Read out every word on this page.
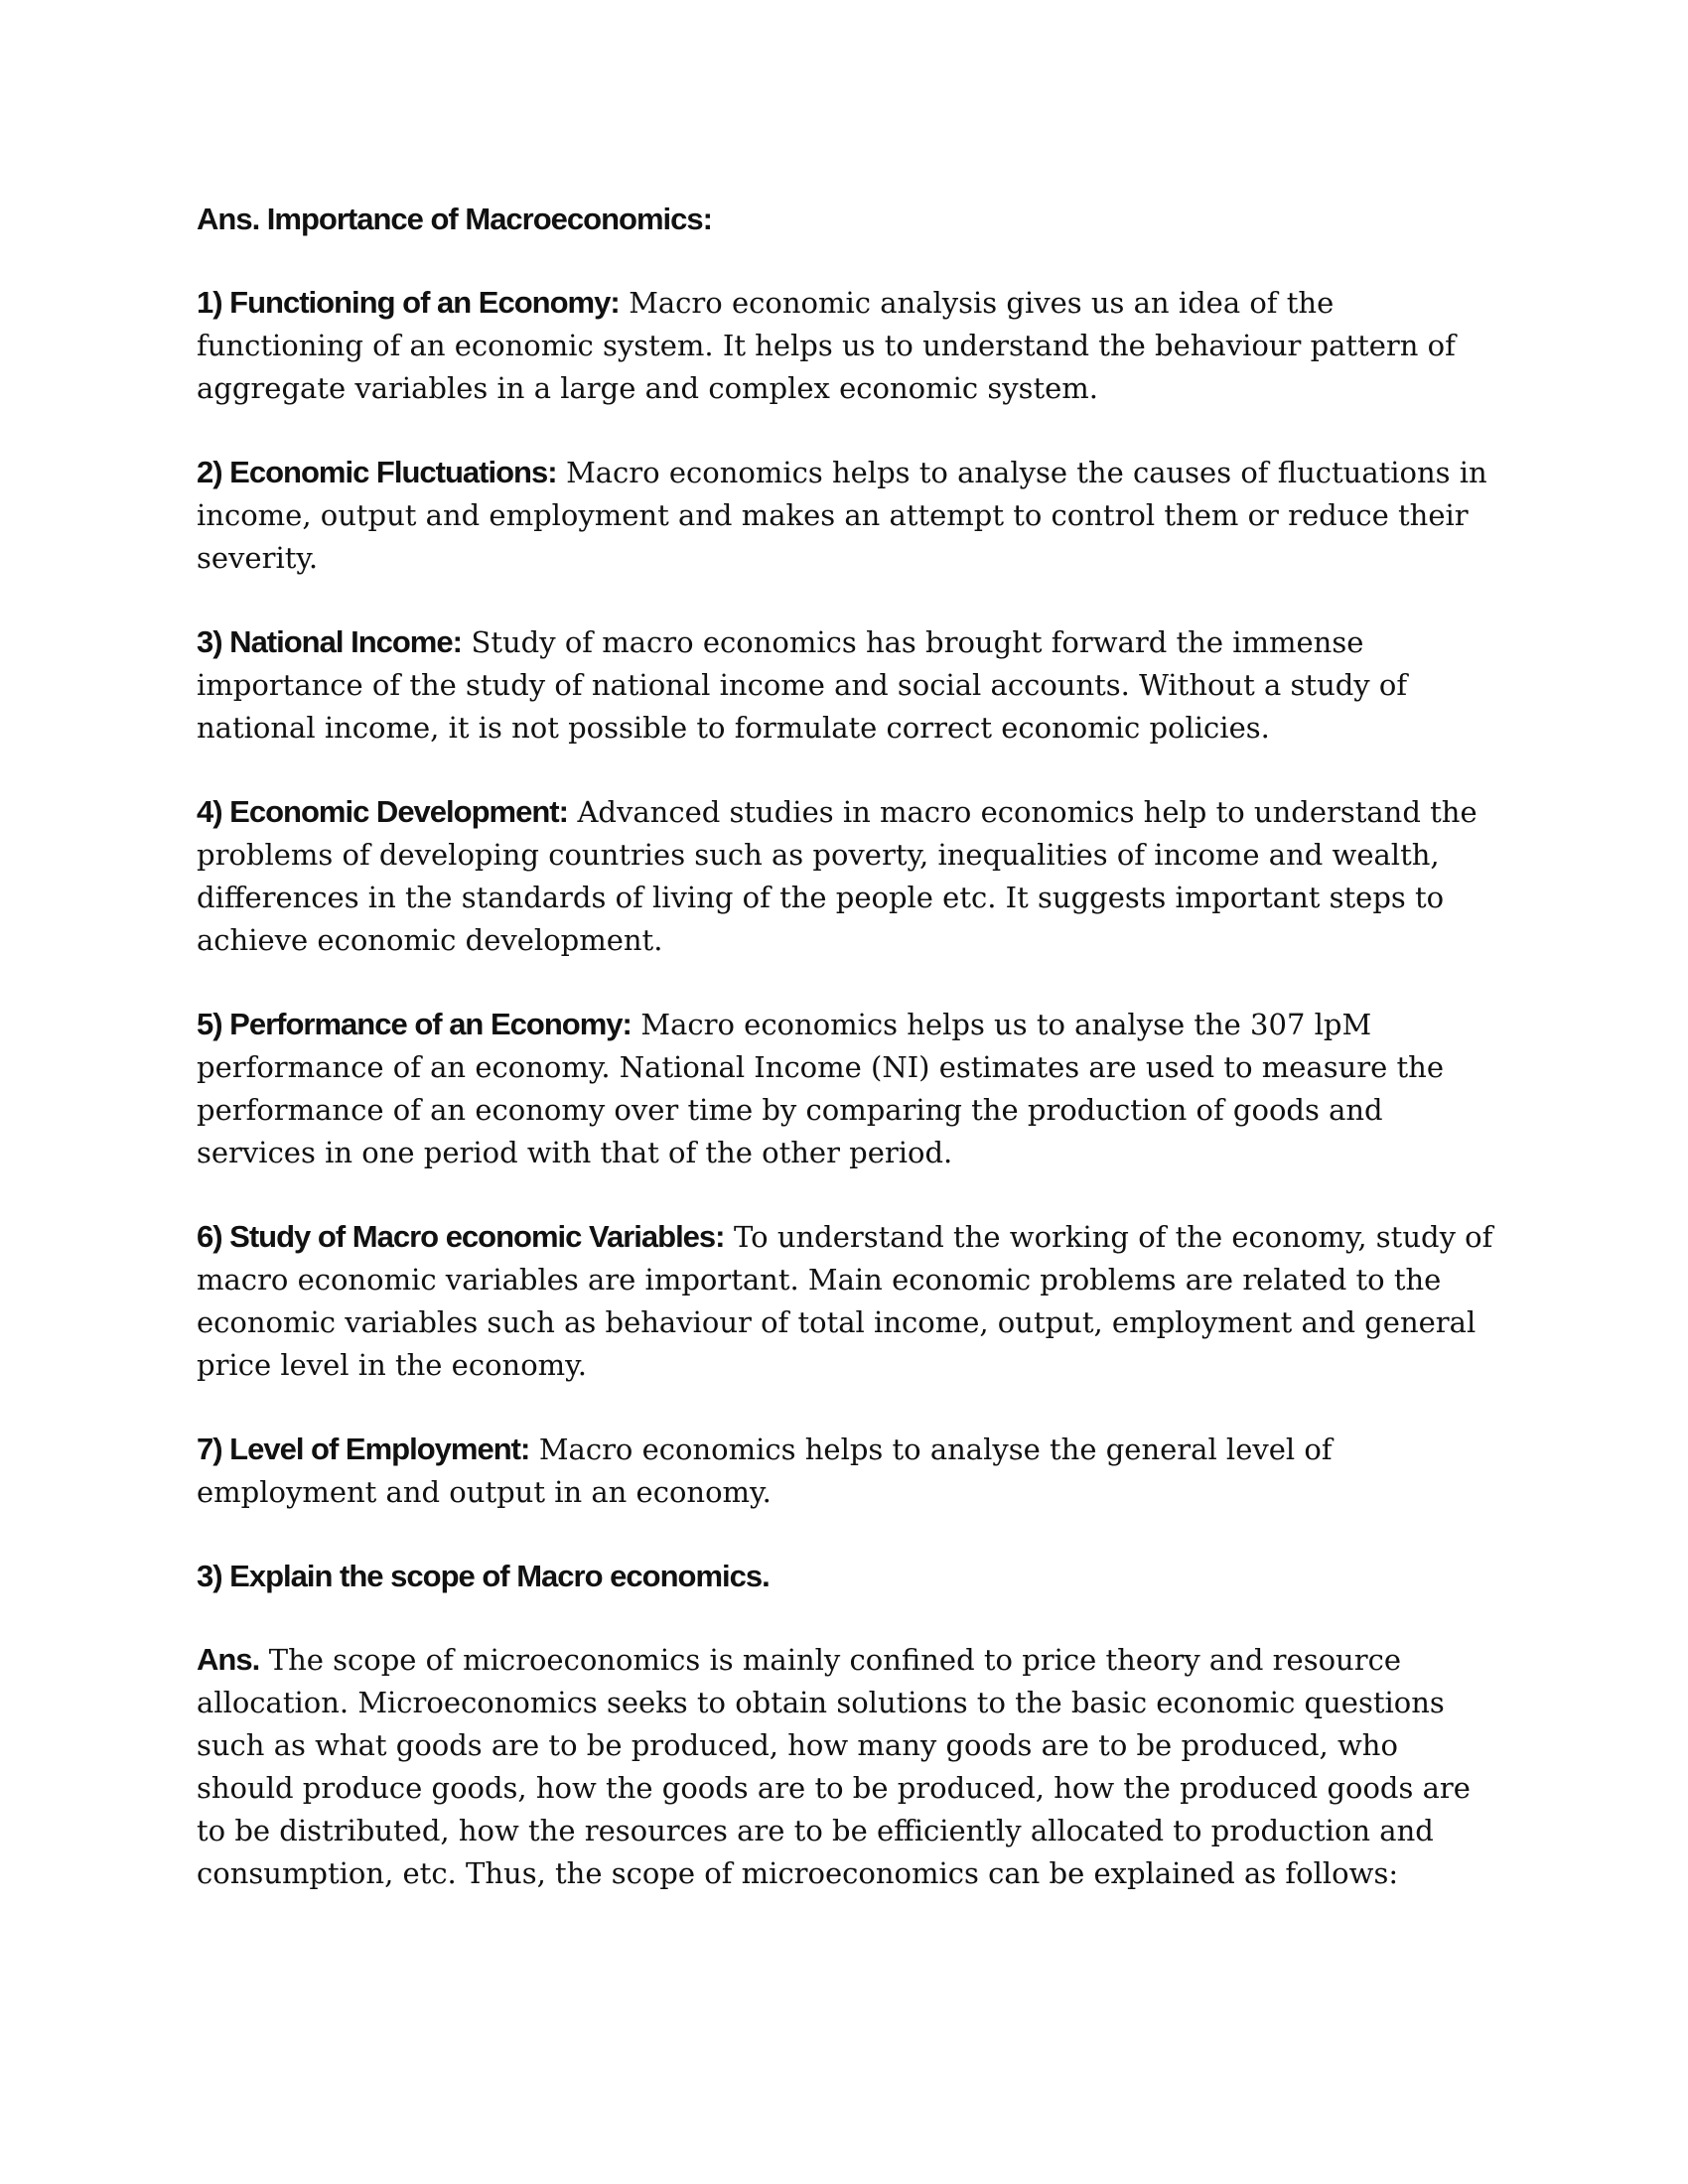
Ans. Importance of Macroeconomics:

1) Functioning of an Economy: Macro economic analysis gives us an idea of the functioning of an economic system. It helps us to understand the behaviour pattern of aggregate variables in a large and complex economic system.

2) Economic Fluctuations: Macro economics helps to analyse the causes of fluctuations in income, output and employment and makes an attempt to control them or reduce their severity.

3) National Income: Study of macro economics has brought forward the immense importance of the study of national income and social accounts. Without a study of national income, it is not possible to formulate correct economic policies.

4) Economic Development: Advanced studies in macro economics help to understand the problems of developing countries such as poverty, inequalities of income and wealth, differences in the standards of living of the people etc. It suggests important steps to achieve economic development.

5) Performance of an Economy: Macro economics helps us to analyse the 307 lpM performance of an economy. National Income (NI) estimates are used to measure the performance of an economy over time by comparing the production of goods and services in one period with that of the other period.

6) Study of Macro economic Variables: To understand the working of the economy, study of macro economic variables are important. Main economic problems are related to the economic variables such as behaviour of total income, output, employment and general price level in the economy.

7) Level of Employment: Macro economics helps to analyse the general level of employment and output in an economy.

3) Explain the scope of Macro economics.

Ans. The scope of microeconomics is mainly confined to price theory and resource allocation. Microeconomics seeks to obtain solutions to the basic economic questions such as what goods are to be produced, how many goods are to be produced, who should produce goods, how the goods are to be produced, how the produced goods are to be distributed, how the resources are to be efficiently allocated to production and consumption, etc. Thus, the scope of microeconomics can be explained as follows:
